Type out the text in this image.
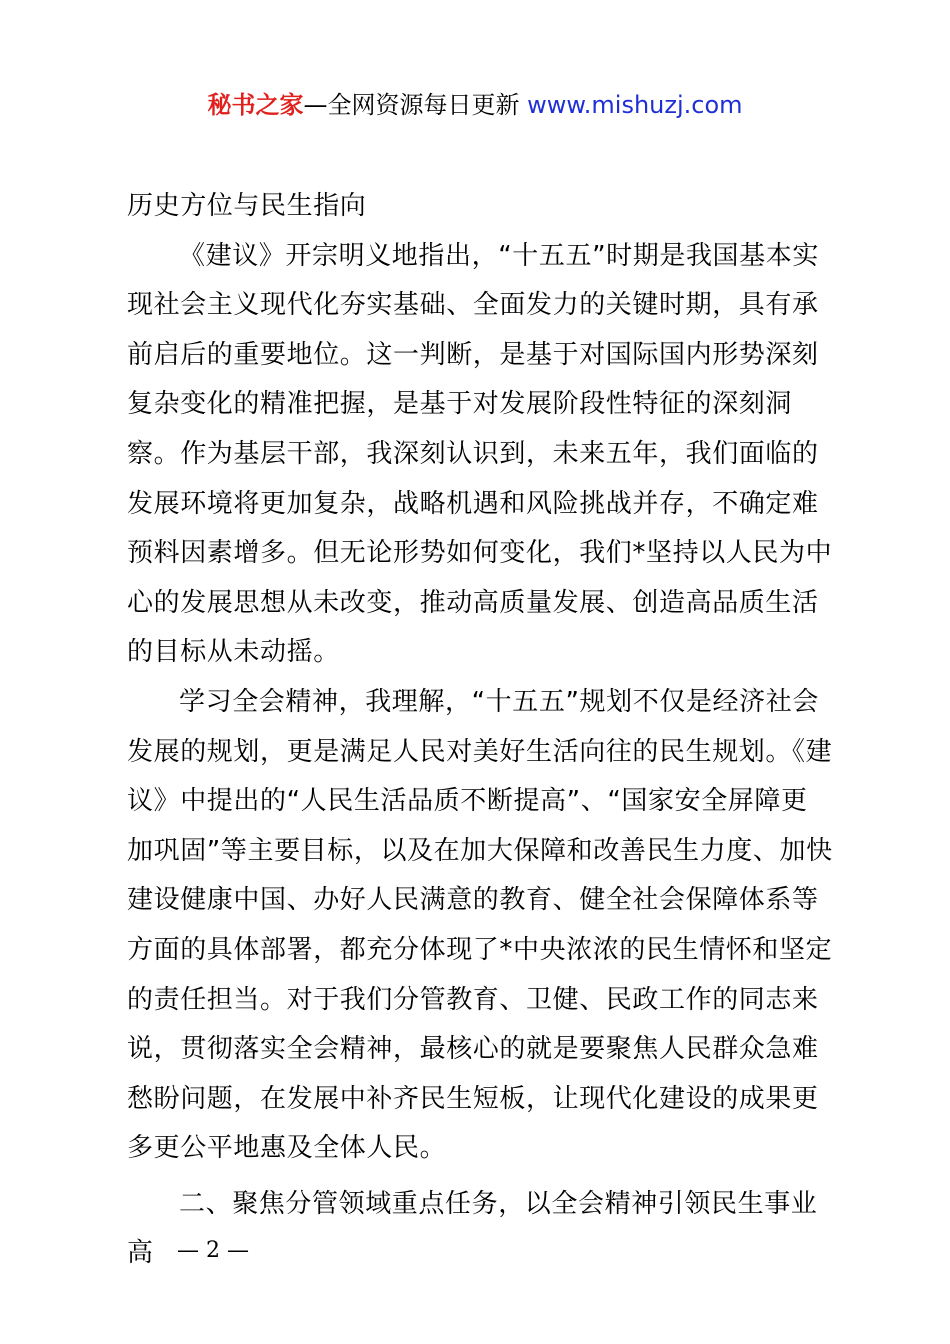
秘书之家—全网资源每日更新 www.mishuzj.com

历史方位与民生指向

《建议》开宗明义地指出，“十五五”时期是我国基本实现社会主义现代化夯实基础、全面发力的关键时期，具有承前启后的重要地位。这一判断，是基于对国际国内形势深刻复杂变化的精准把握，是基于对发展阶段性特征的深刻洞察。作为基层干部，我深刻认识到，未来五年，我们面临的发展环境将更加复杂，战略机遇和风险挑战并存，不确定难预料因素增多。但无论形势如何变化，我们*坚持以人民为中心的发展思想从未改变，推动高质量发展、创造高品质生活的目标从未动摇。

学习全会精神，我理解，“十五五”规划不仅是经济社会发展的规划，更是满足人民对美好生活向往的民生规划。《建议》中提出的“人民生活品质不断提高”、“国家安全屏障更加巩固”等主要目标，以及在加大保障和改善民生力度、加快建设健康中国、办好人民满意的教育、健全社会保障体系等方面的具体部署，都充分体现了*中央浓浓的民生情怀和坚定的责任担当。对于我们分管教育、卫健、民政工作的同志来说，贯彻落实全会精神，最核心的就是要聚焦人民群众急难愁盼问题，在发展中补齐民生短板，让现代化建设的成果更多更公平地惠及全体人民。

二、聚焦分管领域重点任务，以全会精神引领民生事业高	— 2 —
